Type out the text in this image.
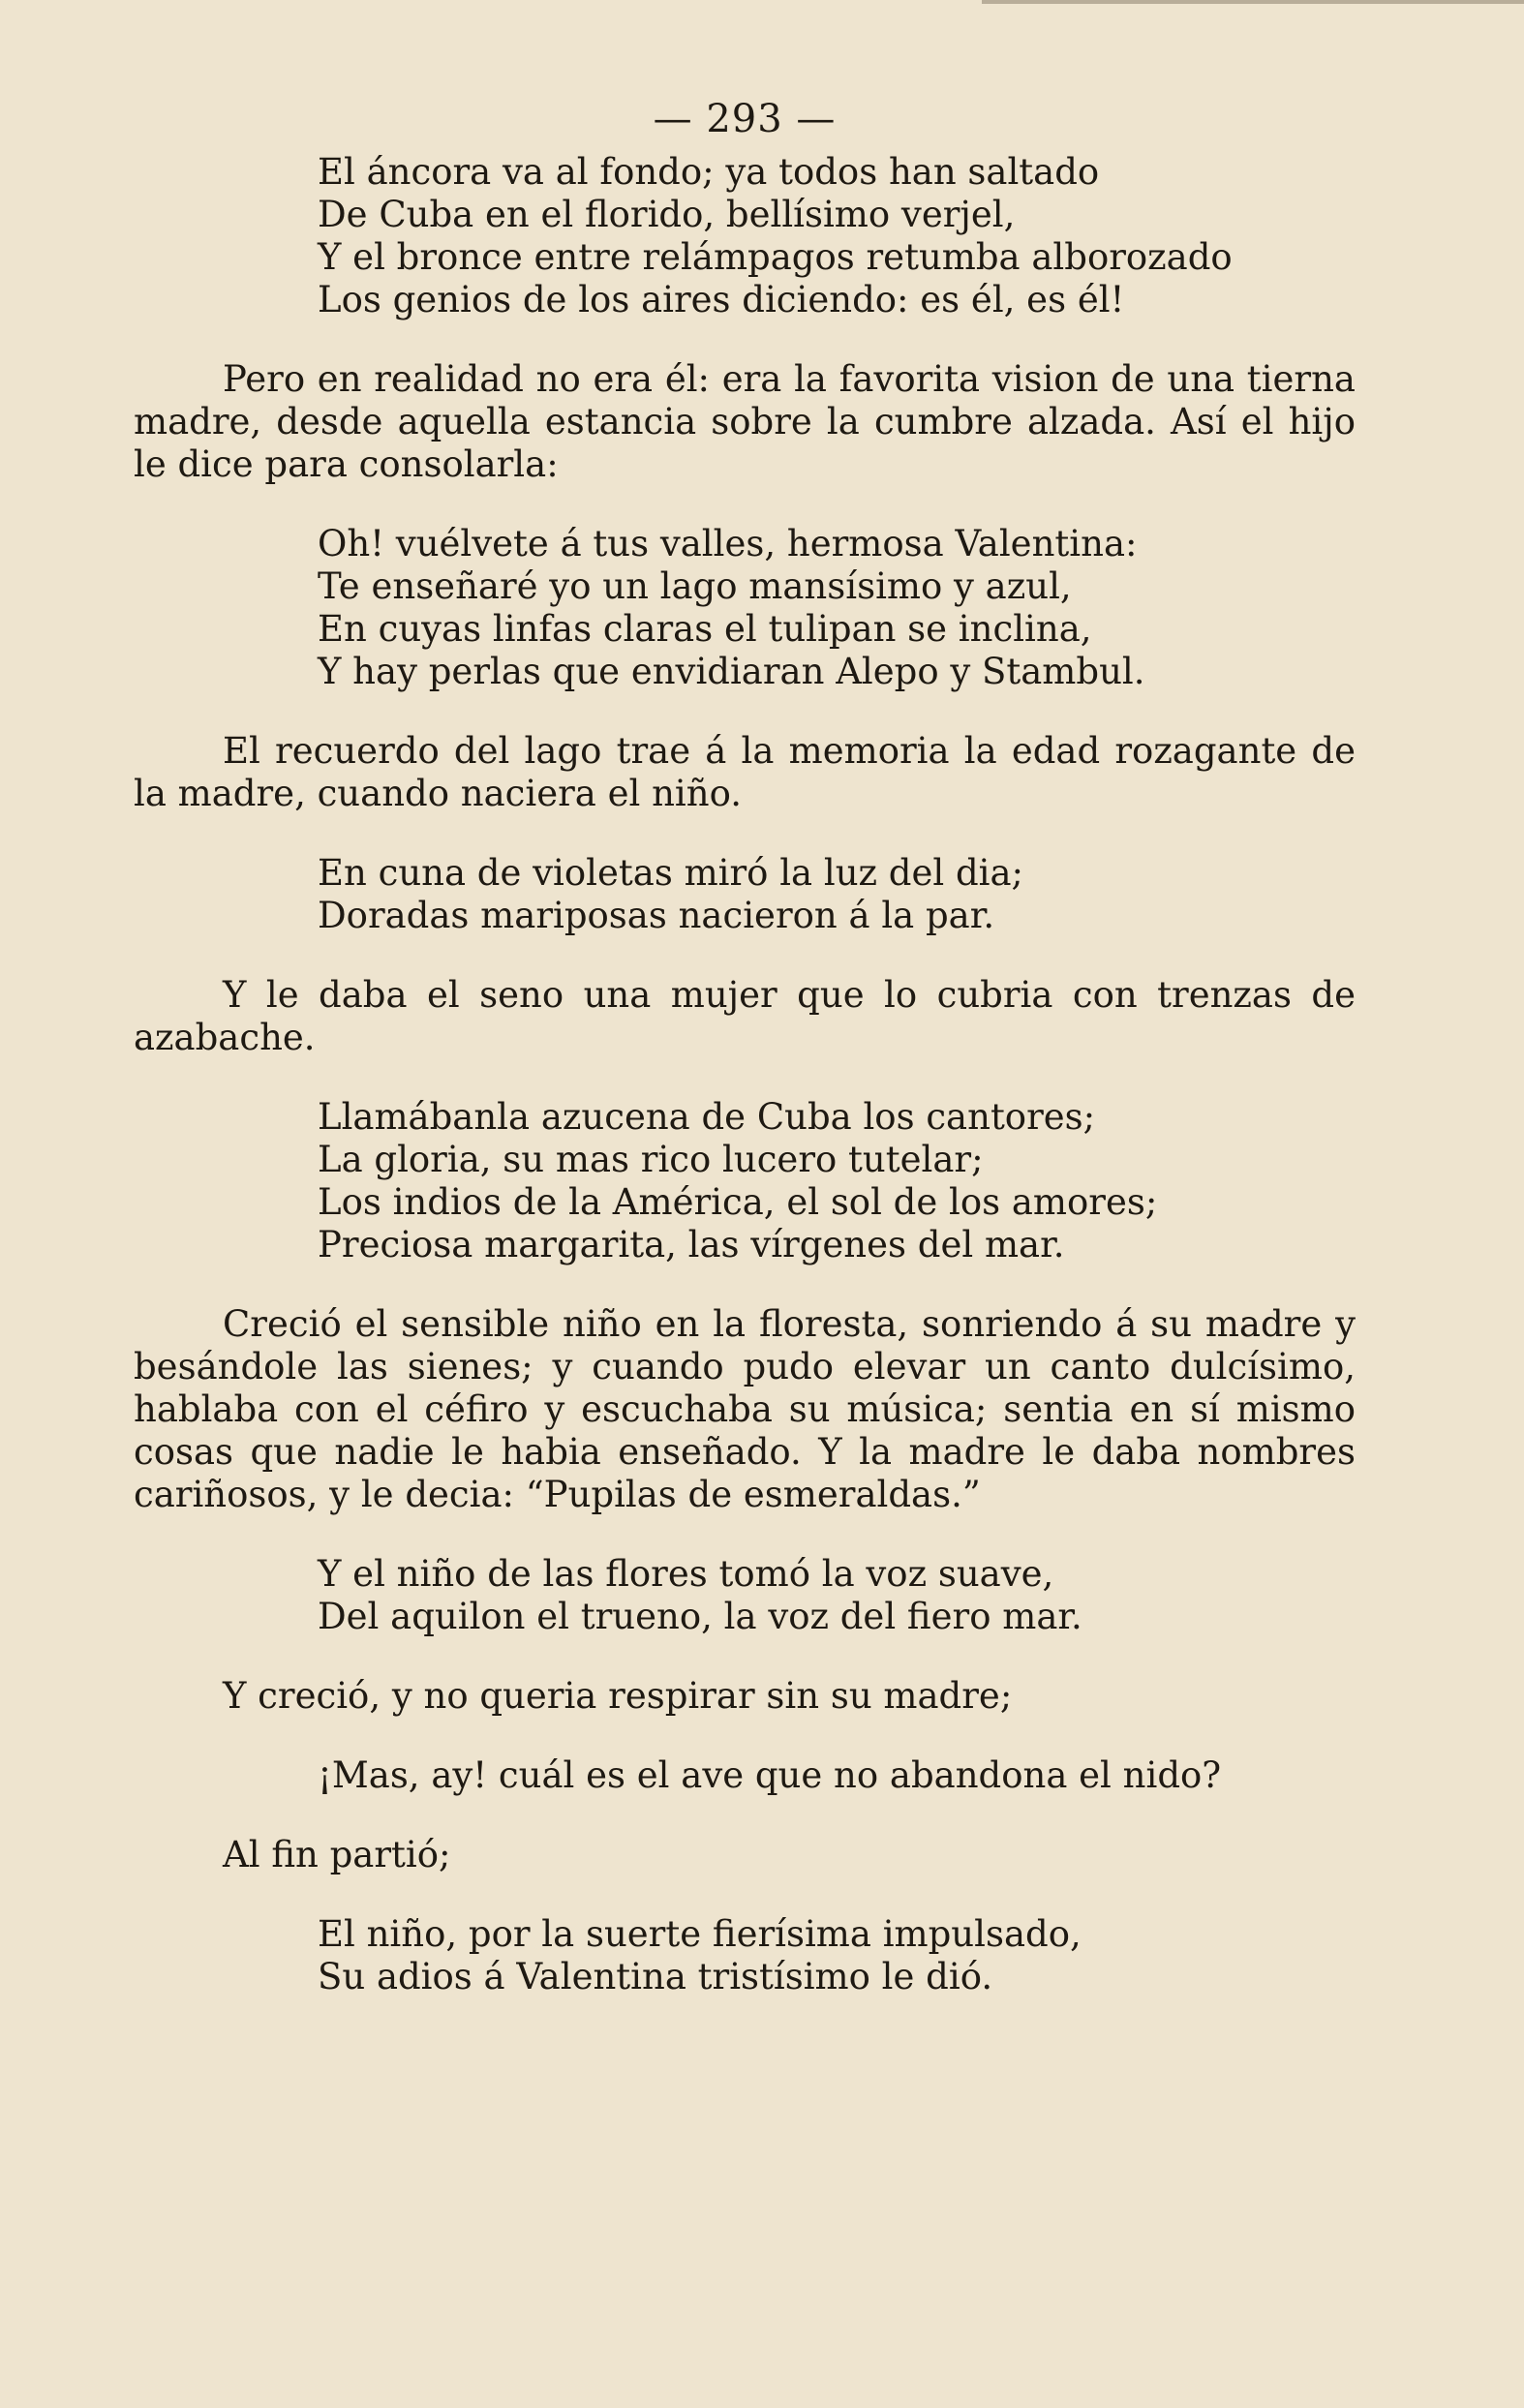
— 293 —
El áncora va al fondo; ya todos han saltado
De Cuba en el florido, bellísimo verjel,
Y el bronce entre relámpagos retumba alborozado
Los genios de los aires diciendo: es él, es él!

Pero en realidad no era él: era la favorita vision de una tierna madre, desde aquella estancia sobre la cumbre alzada. Así el hijo le dice para consolarla:

Oh! vuélvete á tus valles, hermosa Valentina:
Te enseñaré yo un lago mansísimo y azul,
En cuyas linfas claras el tulipan se inclina,
Y hay perlas que envidiaran Alepo y Stambul.

El recuerdo del lago trae á la memoria la edad rozagante de la madre, cuando naciera el niño.

En cuna de violetas miró la luz del dia;
Doradas mariposas nacieron á la par.

Y le daba el seno una mujer que lo cubria con trenzas de azabache.

Llamábanla azucena de Cuba los cantores;
La gloria, su mas rico lucero tutelar;
Los indios de la América, el sol de los amores;
Preciosa margarita, las vírgenes del mar.

Creció el sensible niño en la floresta, sonriendo á su madre y besándole las sienes; y cuando pudo elevar un canto dulcísimo, hablaba con el céfiro y escuchaba su música; sentia en sí mismo cosas que nadie le habia enseñado. Y la madre le daba nombres cariñosos, y le decia: “Pupilas de esmeraldas.”

Y el niño de las flores tomó la voz suave,
Del aquilon el trueno, la voz del fiero mar.
Y creció, y no queria respirar sin su madre;
¡Mas, ay! cuál es el ave que no abandona el nido?
Al fin partió;
El niño, por la suerte fierísima impulsado,
Su adios á Valentina tristísimo le dió.
